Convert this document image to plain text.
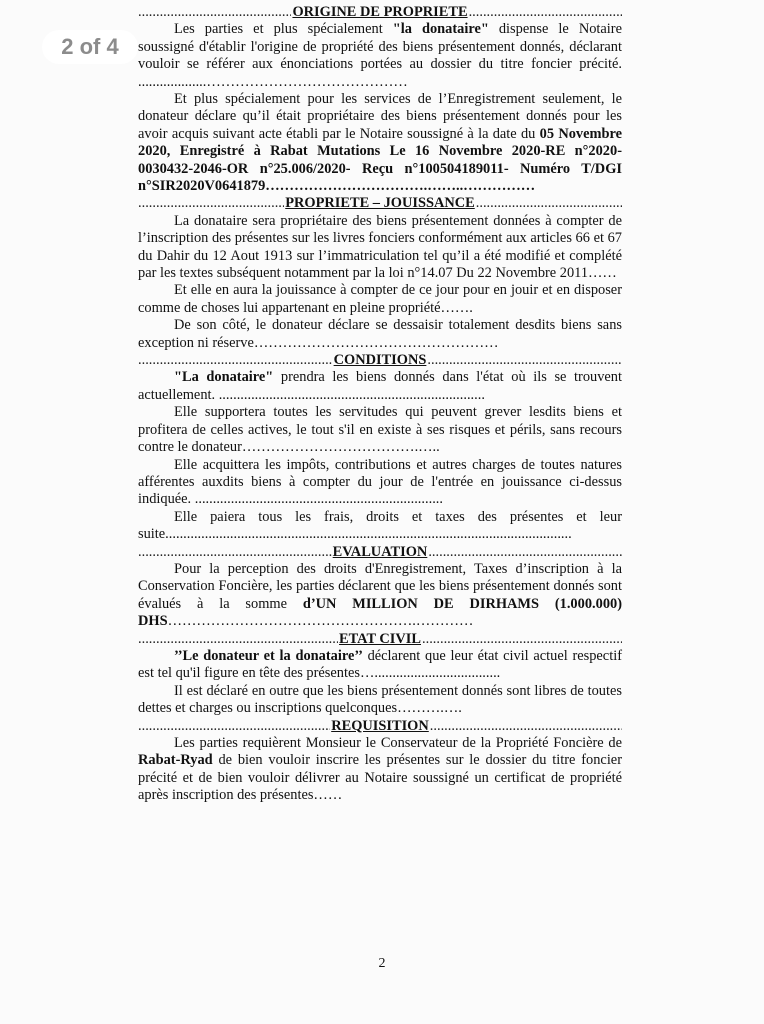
2 of 4
.....
ORIGINE DE PROPRIETE
.....

Les parties et plus spécialement "la donataire" dispense le Notaire soussigné d'établir l'origine de propriété des biens présentement donnés, déclarant vouloir se référer aux énonciations portées au dossier du titre foncier précité. ...................……………………………………

Et plus spécialement pour les services de l’Enregistrement seulement, le donateur déclare qu’il était propriétaire des biens présentement donnés pour les avoir acquis suivant acte établi par le Notaire soussigné à la date du 05 Novembre 2020, Enregistré à Rabat Mutations Le 16 Novembre 2020-RE n°2020-0030432-2046-OR n°25.006/2020- Reçu n°100504189011- Numéro T/DGI n°SIR2020V0641879…………………………….……..……………

.....
PROPRIETE – JOUISSANCE
.....

La donataire sera propriétaire des biens présentement données à compter de l’inscription des présentes sur les livres fonciers conformément aux articles 66 et 67 du Dahir du 12 Aout 1913 sur l’immatriculation tel qu’il a été modifié et complété par les textes subséquent notamment par la loi n°14.07 Du 22 Novembre 2011……

Et elle en aura la jouissance à compter de ce jour pour en jouir et en disposer comme de choses lui appartenant en pleine propriété…….

De son côté, le donateur déclare se dessaisir totalement desdits biens sans exception ni réserve……………………………………………

.....
CONDITIONS
.....

"La donataire" prendra les biens donnés dans l'état où ils se trouvent actuellement. ..........................................................................

Elle supportera toutes les servitudes qui peuvent grever lesdits biens et profitera de celles actives, le tout s'il en existe à ses risques et périls, sans recours contre le donateur……………………………….…..

Elle acquittera les impôts, contributions et autres charges de toutes natures afférentes auxdits biens à compter du jour de l'entrée en jouissance ci-dessus indiquée. .....................................................................

Elle paiera tous les frais, droits et taxes des présentes et leur suite.................................................................................................................

.....
EVALUATION
.....

Pour la perception des droits d'Enregistrement, Taxes d’inscription à la Conservation Foncière, les parties déclarent que les biens présentement donnés sont évalués à la somme d’UN MILLION DE DIRHAMS (1.000.000) DHS…………………………………………….…………

.....
ETAT CIVIL
.....

’’Le donateur et la donataire’’ déclarent que leur état civil actuel respectif est tel qu'il figure en tête des présentes…...................................

Il est déclaré en outre que les biens présentement donnés sont libres de toutes dettes et charges ou inscriptions quelconques……….….

.....
REQUISITION
.....

Les parties requièrent Monsieur le Conservateur de la Propriété Foncière de Rabat-Ryad de bien vouloir inscrire les présentes sur le dossier du titre foncier précité et de bien vouloir délivrer au Notaire soussigné un certificat de propriété après inscription des présentes……

2
